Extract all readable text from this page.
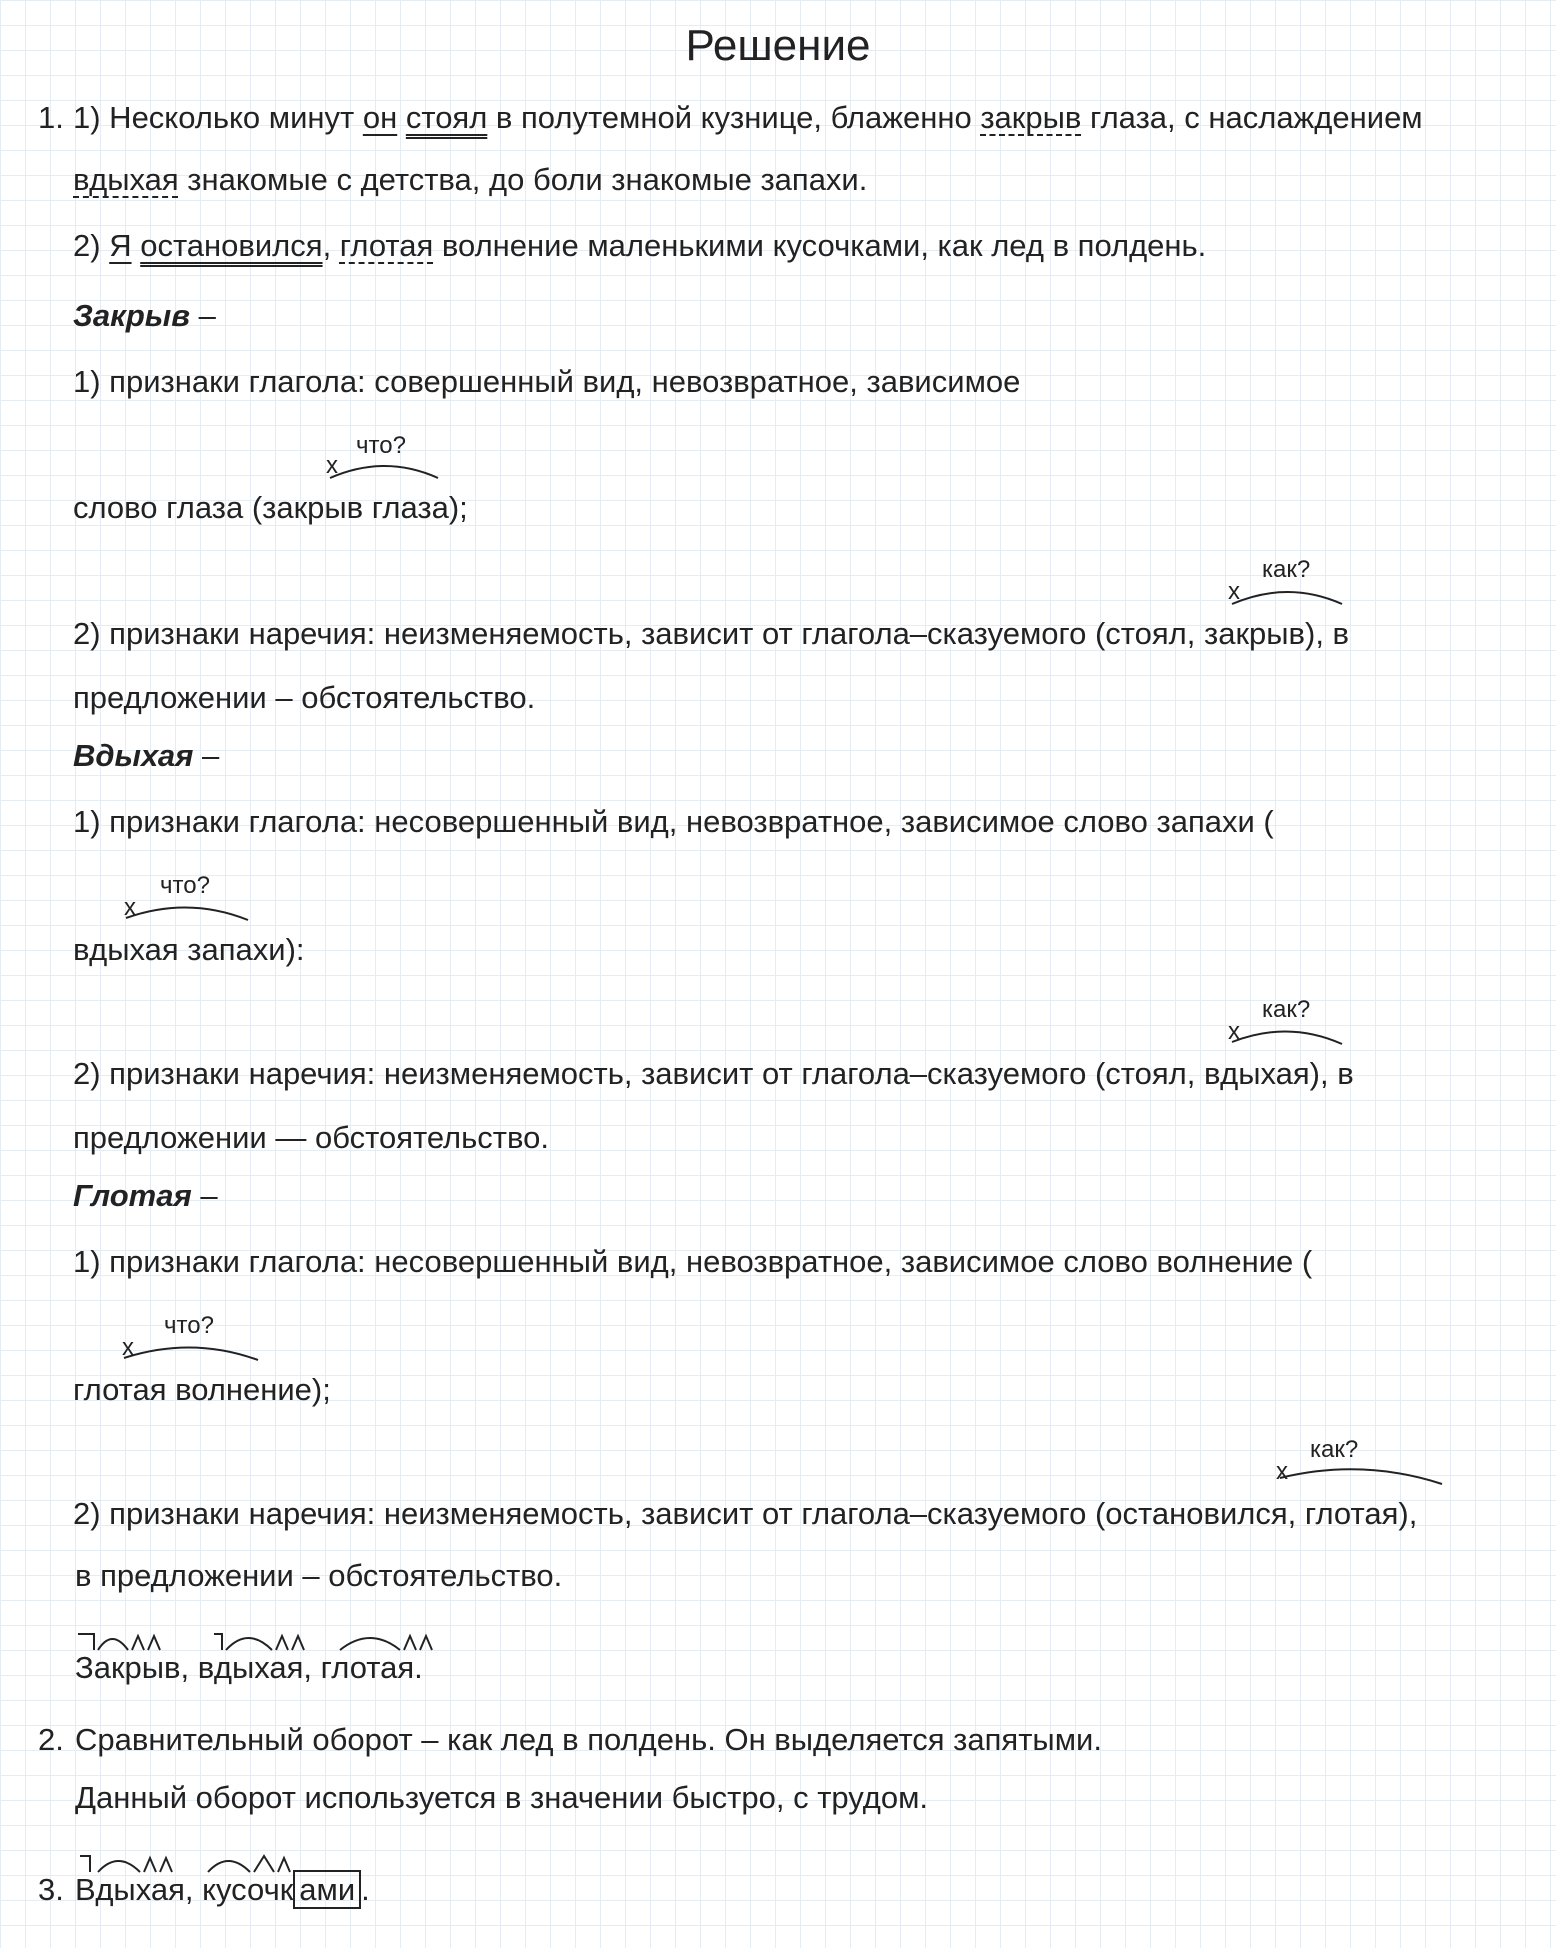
Решение
1. 1) Несколько минут он стоял в полутемной кузнице, блаженно закрыв глаза, с наслаждением
вдыхая знакомые с детства, до боли знакомые запахи.
2) Я остановился, глотая волнение маленькими кусочками, как лед в полдень.
Закрыв –
1) признаки глагола: совершенный вид, невозвратное, зависимое
х
что?
слово глаза (закрыв глаза);
х
как?
2) признаки наречия: неизменяемость, зависит от глагола–сказуемого (стоял, закрыв), в
предложении – обстоятельство.
Вдыхая –
1) признаки глагола: несовершенный вид, невозвратное, зависимое слово запахи (
х
что?
вдыхая запахи):
х
как?
2) признаки наречия: неизменяемость, зависит от глагола–сказуемого (стоял, вдыхая), в
предложении — обстоятельство.
Глотая –
1) признаки глагола: несовершенный вид, невозвратное, зависимое слово волнение (
х
что?
глотая волнение);
х
как?
2) признаки наречия: неизменяемость, зависит от глагола–сказуемого (остановился, глотая),
в предложении – обстоятельство.
Закрыв, вдыхая, глотая.
2. Сравнительный оборот – как лед в полдень. Он выделяется запятыми.
Данный оборот используется в значении быстро, с трудом.
3. Вдыхая, кусочк ами .
